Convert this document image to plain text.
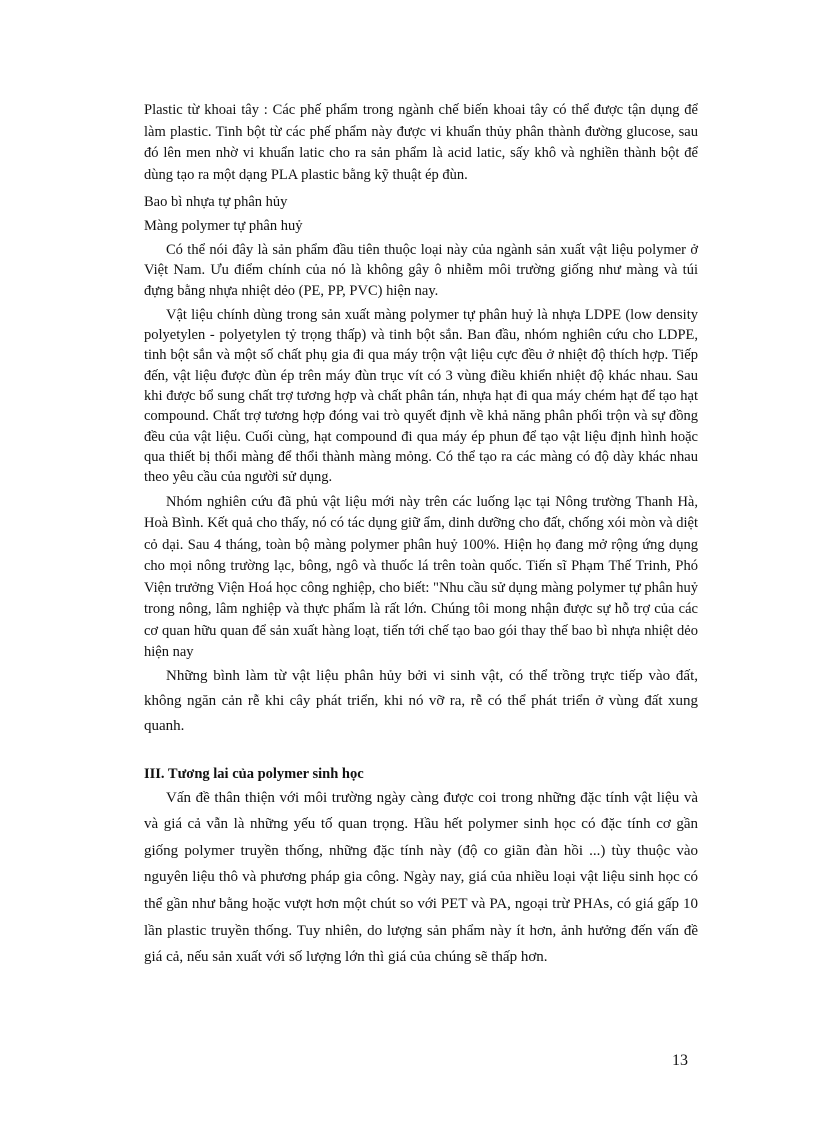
Plastic từ khoai tây : Các phế phẩm trong ngành chế biến khoai tây có thể được tận dụng để làm plastic. Tinh bột từ các phế phẩm này được vi khuẩn thủy phân thành đường glucose, sau đó lên men nhờ vi khuẩn latic cho ra sản phẩm là acid latic, sấy khô và nghiền thành bột để dùng tạo ra một dạng PLA plastic bằng kỹ thuật ép đùn.

Bao bì nhựa tự phân hủy

Màng polymer tự phân huỷ

Có thể nói đây là sản phẩm đầu tiên thuộc loại này của ngành sản xuất vật liệu polymer ở Việt Nam. Ưu điểm chính của nó là không gây ô nhiễm môi trường giống như màng và túi đựng bằng nhựa nhiệt dẻo (PE, PP, PVC) hiện nay.

Vật liệu chính dùng trong sản xuất màng polymer tự phân huỷ là nhựa LDPE (low density polyetylen - polyetylen tỷ trọng thấp) và tinh bột sắn. Ban đầu, nhóm nghiên cứu cho LDPE, tinh bột sắn và một số chất phụ gia đi qua máy trộn vật liệu cực đều ở nhiệt độ thích hợp. Tiếp đến, vật liệu được đùn ép trên máy đùn trục vít có 3 vùng điều khiển nhiệt độ khác nhau. Sau khi được bổ sung chất trợ tương hợp và chất phân tán, nhựa hạt đi qua máy chém hạt để tạo hạt compound. Chất trợ tương hợp đóng vai trò quyết định về khả năng phân phối trộn và sự đồng đều của vật liệu. Cuối cùng, hạt compound đi qua máy ép phun để tạo vật liệu định hình hoặc qua thiết bị thổi màng để thổi thành màng mỏng. Có thể tạo ra các màng có độ dày khác nhau theo yêu cầu của người sử dụng.

Nhóm nghiên cứu đã phủ vật liệu mới này trên các luống lạc tại Nông trường Thanh Hà, Hoà Bình. Kết quả cho thấy, nó có tác dụng giữ ẩm, dinh dưỡng cho đất, chống xói mòn và diệt cỏ dại. Sau 4 tháng, toàn bộ màng polymer phân huỷ 100%. Hiện họ đang mở rộng ứng dụng cho mọi nông trường lạc, bông, ngô và thuốc lá trên toàn quốc. Tiến sĩ Phạm Thế Trinh, Phó Viện trưởng Viện Hoá học công nghiệp, cho biết: "Nhu cầu sử dụng màng polymer tự phân huỷ trong nông, lâm nghiệp và thực phẩm là rất lớn. Chúng tôi mong nhận được sự hỗ trợ của các cơ quan hữu quan để sản xuất hàng loạt, tiến tới chế tạo bao gói thay thế bao bì nhựa nhiệt dẻo hiện nay

Những bình làm từ vật liệu phân hủy bởi vi sinh vật, có thể trồng trực tiếp vào đất, không ngăn cản rễ khi cây phát triển, khi nó vỡ ra, rễ có thể phát triển ở vùng đất xung quanh.

III. Tương lai của polymer sinh học

Vấn đề thân thiện với môi trường ngày càng được coi trong những đặc tính vật liệu và và giá cả vẫn là những yếu tố quan trọng. Hầu hết polymer sinh học có đặc tính cơ gần giống polymer truyền thống, những đặc tính này (độ co giãn đàn hồi ...) tùy thuộc vào nguyên liệu thô và phương pháp gia công. Ngày nay, giá của nhiều loại vật liệu sinh học có thể gần như bằng hoặc vượt hơn một chút so với PET và PA, ngoại trừ PHAs, có giá gấp 10 lần plastic truyền thống. Tuy nhiên, do lượng sản phẩm này ít hơn, ảnh hưởng đến vấn đề giá cả, nếu sản xuất với số lượng lớn thì giá của chúng sẽ thấp hơn.

13
